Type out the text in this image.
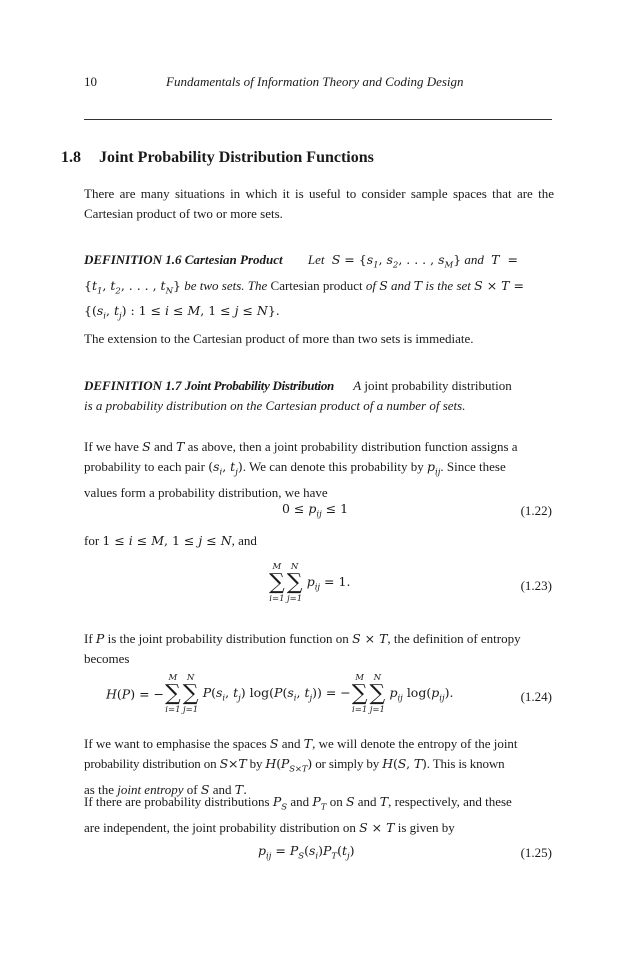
10	Fundamentals of Information Theory and Coding Design
1.8 Joint Probability Distribution Functions
There are many situations in which it is useful to consider sample spaces that are the Cartesian product of two or more sets.
DEFINITION 1.6 Cartesian Product Let  $S = \{s_1$, $s_2$, . . . , $s_M$} and  T  =
{$t_1$, $t_2$, . . . , $t_N$} be two sets. The Cartesian product of S and T is the set S × T =
{($s_i$, $t_j$) : 1 ≤ i ≤ M, 1 ≤ j ≤ N}.
The extension to the Cartesian product of more than two sets is immediate.
DEFINITION 1.7 Joint Probability Distribution A joint probability distribution
is a probability distribution on the Cartesian product of a number of sets.
If we have S and T as above, then a joint probability distribution function assigns a
probability to each pair ($s_i$, $t_j$). We can denote this probability by $p_{ij}$. Since these
values form a probability distribution, we have
$0 \le p_{ij} \le 1$	(1.22)
for 1 ≤ i ≤ M, 1 ≤ j ≤ N, and
M
∑
i=1
N
∑
j=1
$p_{ij} = 1$.	(1.23)
If P is the joint probability distribution function on S × T, the definition of entropy
becomes
H(P) = −
M
∑
i=1
N
∑
j=1
$P(s_i$, $t_j$) $\log(P(s_i$, $t_j$)) = −
M
∑
i=1
N
∑
j=1
$p_{ij}$ $\log(p_{ij})$.	(1.24)
If we want to emphasise the spaces S and T, we will denote the entropy of the joint
probability distribution on S×T by $H(P_{S\times T})$ or simply by H(S, T). This is known
as the joint entropy of S and T.
If there are probability distributions $P_S$ and $P_T$ on S and T, respectively, and these
are independent, the joint probability distribution on S × T is given by
$p_{ij} = P_S(s_i)P_T(t_j)$	(1.25)
